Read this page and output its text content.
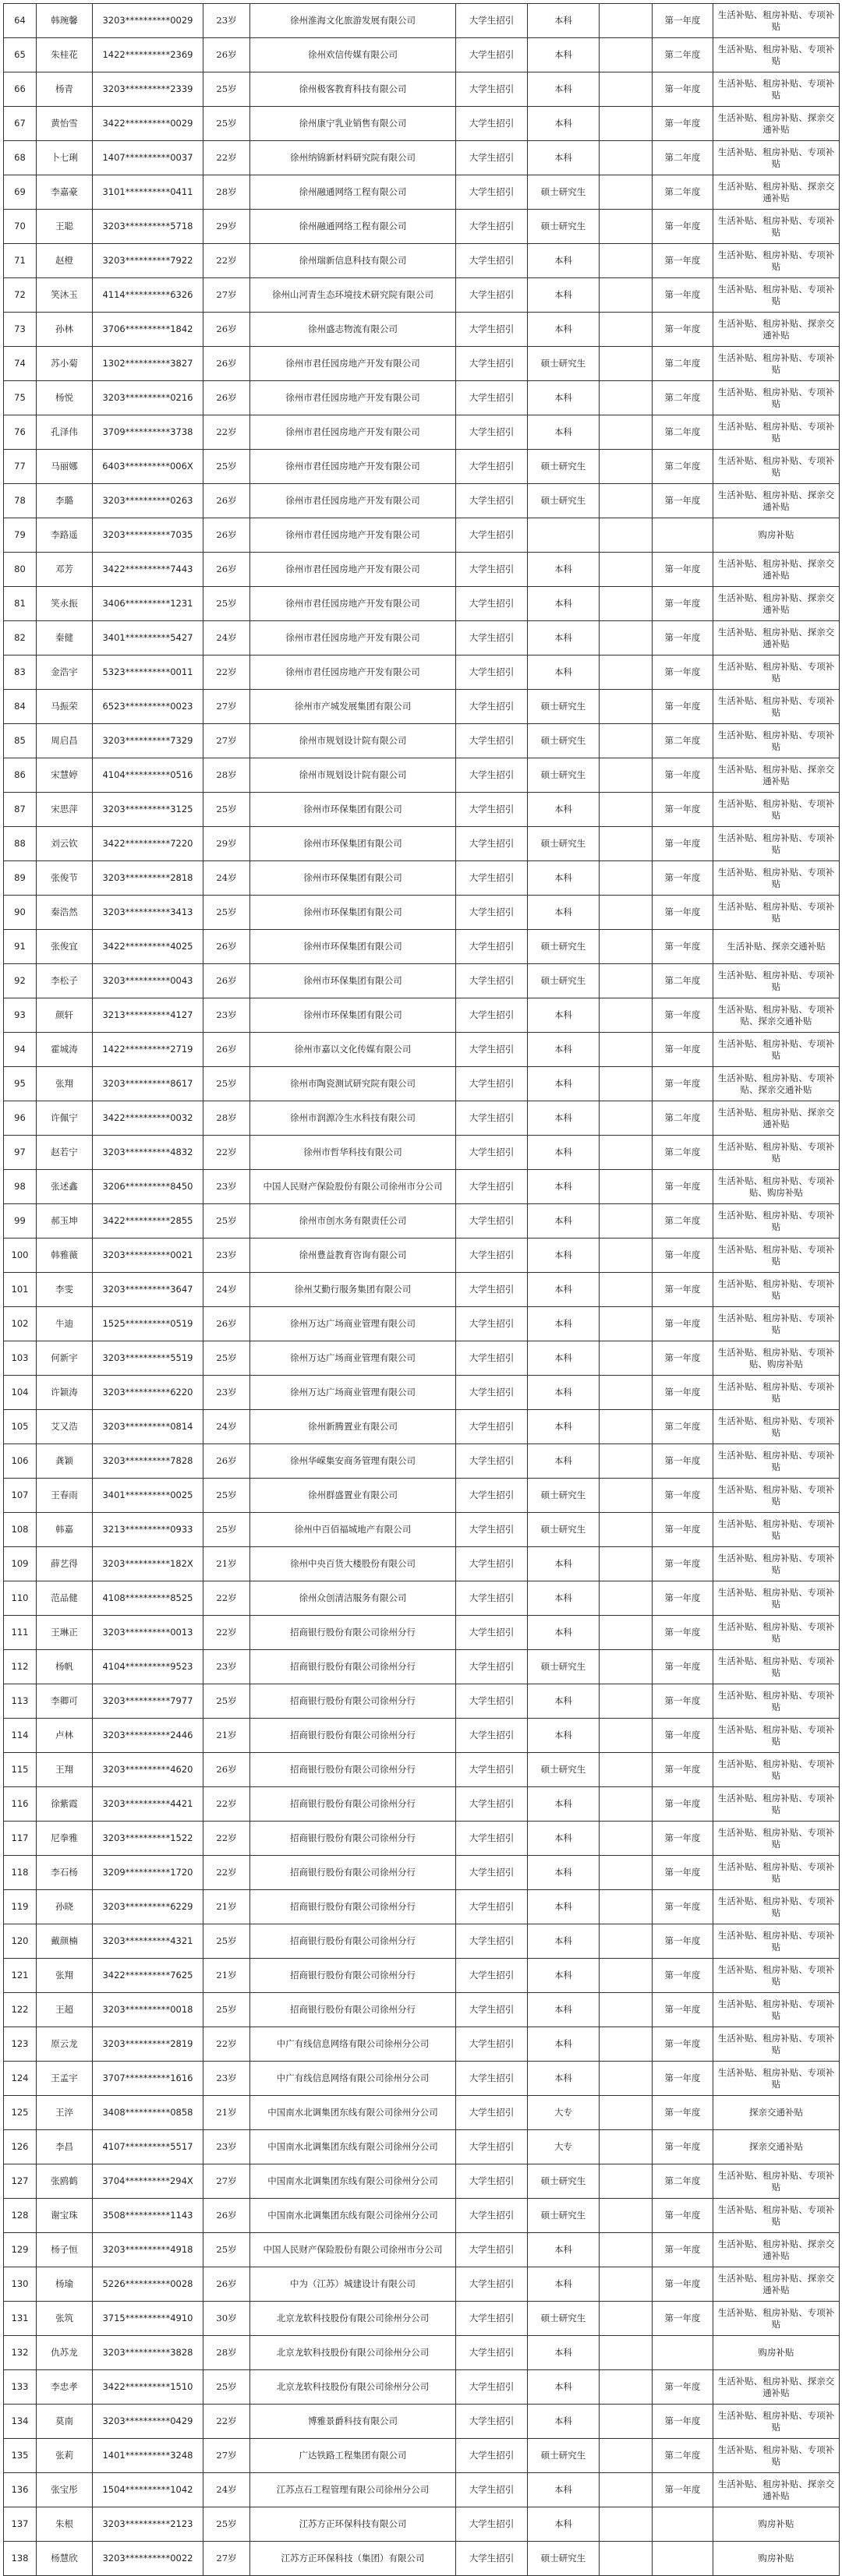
64	韩琬馨	3203**********0029	23岁	徐州淮海文化旅游发展有限公司	大学生招引	本科		第一年度	生活补贴、租房补贴、专项补贴
65	朱桂花	1422**********2369	26岁	徐州欢信传媒有限公司	大学生招引	本科		第二年度	生活补贴、租房补贴、专项补贴
66	杨青	3203**********2339	25岁	徐州极客教育科技有限公司	大学生招引	本科		第一年度	生活补贴、租房补贴、专项补贴
67	黄怡雪	3422**********0029	25岁	徐州康宁乳业销售有限公司	大学生招引	本科		第一年度	生活补贴、租房补贴、探亲交通补贴
68	卜七琍	1407**********0037	22岁	徐州纳锦新材料研究院有限公司	大学生招引	本科		第二年度	生活补贴、租房补贴、专项补贴
69	李嘉豪	3101**********0411	28岁	徐州融通网络工程有限公司	大学生招引	硕士研究生		第二年度	生活补贴、租房补贴、探亲交通补贴
70	王聪	3203**********5718	29岁	徐州融通网络工程有限公司	大学生招引	硕士研究生		第一年度	生活补贴、租房补贴、专项补贴
71	赵橙	3203**********7922	22岁	徐州瑞新信息科技有限公司	大学生招引	本科		第一年度	生活补贴、租房补贴、专项补贴
72	笑沐玉	4114**********6326	27岁	徐州山河青生态环境技术研究院有限公司	大学生招引	本科		第一年度	生活补贴、租房补贴、专项补贴
73	孙林	3706**********1842	26岁	徐州盛志物流有限公司	大学生招引	本科		第一年度	生活补贴、租房补贴、探亲交通补贴
74	苏小菊	1302**********3827	26岁	徐州市君任园房地产开发有限公司	大学生招引	硕士研究生		第二年度	生活补贴、租房补贴、专项补贴
75	杨悦	3203**********0216	26岁	徐州市君任园房地产开发有限公司	大学生招引	本科		第二年度	生活补贴、租房补贴、专项补贴
76	孔泽伟	3709**********3738	22岁	徐州市君任园房地产开发有限公司	大学生招引	本科		第二年度	生活补贴、租房补贴、专项补贴
77	马丽娜	6403**********006X	25岁	徐州市君任园房地产开发有限公司	大学生招引	硕士研究生		第二年度	生活补贴、租房补贴、专项补贴
78	李璐	3203**********0263	26岁	徐州市君任园房地产开发有限公司	大学生招引	硕士研究生		第一年度	生活补贴、租房补贴、探亲交通补贴
79	李路遥	3203**********7035	26岁	徐州市君任园房地产开发有限公司	大学生招引				购房补贴
80	邓芳	3422**********7443	26岁	徐州市君任园房地产开发有限公司	大学生招引	本科		第一年度	生活补贴、租房补贴、探亲交通补贴
81	笑永振	3406**********1231	25岁	徐州市君任园房地产开发有限公司	大学生招引	本科		第一年度	生活补贴、租房补贴、探亲交通补贴
82	秦健	3401**********5427	24岁	徐州市君任园房地产开发有限公司	大学生招引	本科		第一年度	生活补贴、租房补贴、探亲交通补贴
83	金浩宇	5323**********0011	22岁	徐州市君任园房地产开发有限公司	大学生招引	本科		第一年度	生活补贴、租房补贴、专项补贴
84	马振荣	6523**********0023	27岁	徐州市产城发展集团有限公司	大学生招引	硕士研究生		第一年度	生活补贴、租房补贴、专项补贴
85	周启昌	3203**********7329	27岁	徐州市规划设计院有限公司	大学生招引	硕士研究生		第二年度	生活补贴、租房补贴、专项补贴
86	宋慧婷	4104**********0516	28岁	徐州市规划设计院有限公司	大学生招引	硕士研究生		第一年度	生活补贴、租房补贴、探亲交通补贴
87	宋思萍	3203**********3125	25岁	徐州市环保集团有限公司	大学生招引	本科		第一年度	生活补贴、租房补贴、专项补贴
88	刘云钦	3422**********7220	29岁	徐州市环保集团有限公司	大学生招引	硕士研究生		第一年度	生活补贴、租房补贴、专项补贴
89	张俊节	3203**********2818	24岁	徐州市环保集团有限公司	大学生招引	本科		第一年度	生活补贴、租房补贴、专项补贴
90	秦浩然	3203**********3413	25岁	徐州市环保集团有限公司	大学生招引	本科		第一年度	生活补贴、租房补贴、专项补贴
91	张俊宜	3422**********4025	26岁	徐州市环保集团有限公司	大学生招引	硕士研究生		第一年度	生活补贴、探亲交通补贴
92	李松子	3203**********0043	26岁	徐州市环保集团有限公司	大学生招引	硕士研究生		第二年度	生活补贴、租房补贴、专项补贴
93	颜轩	3213**********4127	23岁	徐州市环保集团有限公司	大学生招引	本科		第一年度	生活补贴、租房补贴、专项补贴、探亲交通补贴
94	霍城涛	1422**********2719	26岁	徐州市嘉以文化传媒有限公司	大学生招引	本科		第一年度	生活补贴、租房补贴、专项补贴
95	张翔	3203**********8617	25岁	徐州市陶瓷测试研究院有限公司	大学生招引	本科		第一年度	生活补贴、租房补贴、专项补贴、探亲交通补贴
96	许佩宁	3422**********0032	28岁	徐州市润源冷生水科技有限公司	大学生招引	本科		第二年度	生活补贴、租房补贴、探亲交通补贴
97	赵若宁	3203**********4832	22岁	徐州市哲华科技有限公司	大学生招引	本科		第二年度	生活补贴、租房补贴、专项补贴
98	张述鑫	3206**********8450	23岁	中国人民财产保险股份有限公司徐州市分公司	大学生招引	本科		第一年度	生活补贴、租房补贴、专项补贴、购房补贴
99	郝玉坤	3422**********2855	25岁	徐州市创水务有限责任公司	大学生招引	本科		第二年度	生活补贴、租房补贴、专项补贴
100	韩雅薇	3203**********0021	23岁	徐州豊益教育咨询有限公司	大学生招引	本科		第一年度	生活补贴、租房补贴、专项补贴
101	李雯	3203**********3647	24岁	徐州艾勤行服务集团有限公司	大学生招引	本科		第一年度	生活补贴、租房补贴、专项补贴
102	牛迪	1525**********0519	26岁	徐州万达广场商业管理有限公司	大学生招引	本科		第一年度	生活补贴、租房补贴、专项补贴
103	何新宇	3203**********5519	25岁	徐州万达广场商业管理有限公司	大学生招引	本科		第一年度	生活补贴、租房补贴、专项补贴、购房补贴
104	许颖涛	3203**********6220	23岁	徐州万达广场商业管理有限公司	大学生招引	本科		第一年度	生活补贴、租房补贴、专项补贴
105	艾又浩	3203**********0814	24岁	徐州新腾置业有限公司	大学生招引	本科		第二年度	生活补贴、租房补贴、专项补贴
106	龚颖	3203**********7828	26岁	徐州华嵘集安商务管理有限公司	大学生招引	本科		第一年度	生活补贴、租房补贴、专项补贴
107	王春雨	3401**********0025	25岁	徐州群盛置业有限公司	大学生招引	硕士研究生		第一年度	生活补贴、租房补贴、专项补贴
108	韩嘉	3213**********0933	25岁	徐州中百佰福城地产有限公司	大学生招引	硕士研究生		第一年度	生活补贴、租房补贴、专项补贴
109	薛艺得	3203**********182X	21岁	徐州中央百货大楼股份有限公司	大学生招引	本科		第一年度	生活补贴、租房补贴、专项补贴
110	范品健	4108**********8525	22岁	徐州众创清洁服务有限公司	大学生招引	本科		第一年度	生活补贴、租房补贴、专项补贴
111	王琳正	3203**********0013	22岁	招商银行股份有限公司徐州分行	大学生招引	本科		第一年度	生活补贴、租房补贴、专项补贴
112	杨帆	4104**********9523	23岁	招商银行股份有限公司徐州分行	大学生招引	硕士研究生		第一年度	生活补贴、租房补贴、专项补贴
113	李卿可	3203**********7977	25岁	招商银行股份有限公司徐州分行	大学生招引	本科		第一年度	生活补贴、租房补贴、专项补贴
114	卢林	3203**********2446	21岁	招商银行股份有限公司徐州分行	大学生招引	本科		第一年度	生活补贴、租房补贴、专项补贴
115	王翔	3203**********4620	26岁	招商银行股份有限公司徐州分行	大学生招引	硕士研究生		第一年度	生活补贴、租房补贴、专项补贴
116	徐紫霞	3203**********4421	22岁	招商银行股份有限公司徐州分行	大学生招引	本科		第一年度	生活补贴、租房补贴、专项补贴
117	尼拳雅	3203**********1522	22岁	招商银行股份有限公司徐州分行	大学生招引	本科		第一年度	生活补贴、租房补贴、专项补贴
118	李石杨	3209**********1720	22岁	招商银行股份有限公司徐州分行	大学生招引	本科		第一年度	生活补贴、租房补贴、专项补贴
119	孙晓	3203**********6229	21岁	招商银行股份有限公司徐州分行	大学生招引	本科		第一年度	生活补贴、租房补贴、专项补贴
120	戴颜楠	3203**********4321	25岁	招商银行股份有限公司徐州分行	大学生招引	本科		第一年度	生活补贴、租房补贴、专项补贴
121	张翔	3422**********7625	21岁	招商银行股份有限公司徐州分行	大学生招引	本科		第一年度	生活补贴、租房补贴、专项补贴
122	王超	3203**********0018	25岁	招商银行股份有限公司徐州分行	大学生招引	本科		第一年度	生活补贴、租房补贴、专项补贴
123	原云龙	3203**********2819	22岁	中广有线信息网络有限公司徐州分公司	大学生招引	本科		第一年度	生活补贴、租房补贴、专项补贴
124	王孟宇	3707**********1616	23岁	中广有线信息网络有限公司徐州分公司	大学生招引	本科		第一年度	生活补贴、租房补贴、专项补贴
125	王淬	3408**********0858	21岁	中国南水北调集团东线有限公司徐州分公司	大学生招引	大专		第一年度	探亲交通补贴
126	李昌	4107**********5517	23岁	中国南水北调集团东线有限公司徐州分公司	大学生招引	大专		第一年度	探亲交通补贴
127	张鸥鹤	3704**********294X	27岁	中国南水北调集团东线有限公司徐州分公司	大学生招引	硕士研究生		第二年度	生活补贴、租房补贴、专项补贴
128	谢宝珠	3508**********1143	26岁	中国南水北调集团东线有限公司徐州分公司	大学生招引	硕士研究生		第一年度	生活补贴、租房补贴、专项补贴
129	杨子恒	3203**********4918	25岁	中国人民财产保险股份有限公司徐州市分公司	大学生招引	本科		第一年度	生活补贴、租房补贴、探亲交通补贴
130	杨瑜	5226**********0028	26岁	中为（江苏）城建设计有限公司	大学生招引	本科		第一年度	生活补贴、租房补贴、探亲交通补贴
131	张筑	3715**********4910	30岁	北京龙软科技股份有限公司徐州分公司	大学生招引	硕士研究生		第一年度	生活补贴、租房补贴、专项补贴
132	仇苏龙	3203**********3828	28岁	北京龙软科技股份有限公司徐州分公司	大学生招引	本科			购房补贴
133	李忠孝	3422**********1510	25岁	北京龙软科技股份有限公司徐州分公司	大学生招引	本科		第一年度	生活补贴、租房补贴、探亲交通补贴
134	莫南	3203**********0429	22岁	博雅景爵科技有限公司	大学生招引	本科		第一年度	生活补贴、租房补贴、专项补贴
135	张莉	1401**********3248	27岁	广达铁路工程集团有限公司	大学生招引	硕士研究生		第二年度	生活补贴、租房补贴、专项补贴
136	张宝彤	1504**********1042	24岁	江苏点石工程管理有限公司徐州分公司	大学生招引	本科		第一年度	生活补贴、租房补贴、探亲交通补贴
137	朱根	3203**********2123	25岁	江苏方正环保科技有限公司	大学生招引	本科			购房补贴
138	杨慧欣	3203**********0022	27岁	江苏方正环保科技（集团）有限公司	大学生招引	硕士研究生			购房补贴
